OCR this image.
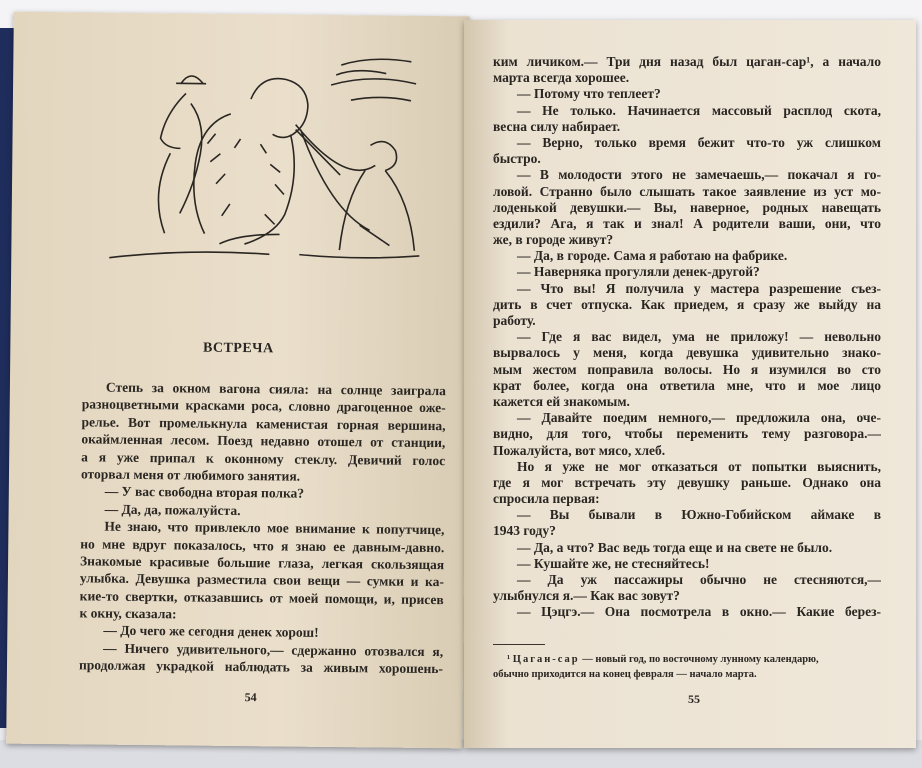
ВСТРЕЧА
Степь за окном вагона сияла: на солнце заиграла
разноцветными красками роса, словно драгоценное оже-
релье. Вот промелькнула каменистая горная вершина,
окаймленная лесом. Поезд недавно отошел от станции,
а я уже припал к оконному стеклу. Девичий голос
оторвал меня от любимого занятия.
— У вас свободна вторая полка?
— Да, да, пожалуйста.
Не знаю, что привлекло мое внимание к попутчице,
но мне вдруг показалось, что я знаю ее давным-давно.
Знакомые красивые большие глаза, легкая скользящая
улыбка. Девушка разместила свои вещи — сумки и ка-
кие-то свертки, отказавшись от моей помощи, и, присев
к окну, сказала:
— До чего же сегодня денек хорош!
— Ничего удивительного,— сдержанно отозвался я,
продолжая украдкой наблюдать за живым хорошень-
54
ким личиком.— Три дня назад был цаган-сар¹, а начало
марта всегда хорошее.
— Потому что теплеет?
— Не только. Начинается массовый расплод скота,
весна силу набирает.
— Верно, только время бежит что-то уж слишком
быстро.
— В молодости этого не замечаешь,— покачал я го-
ловой. Странно было слышать такое заявление из уст мо-
лоденькой девушки.— Вы, наверное, родных навещать
ездили? Ага, я так и знал! А родители ваши, они, что
же, в городе живут?
— Да, в городе. Сама я работаю на фабрике.
— Наверняка прогуляли денек-другой?
— Что вы! Я получила у мастера разрешение съез-
дить в счет отпуска. Как приедем, я сразу же выйду на
работу.
— Где я вас видел, ума не приложу! — невольно
вырвалось у меня, когда девушка удивительно знако-
мым жестом поправила волосы. Но я изумился во сто
крат более, когда она ответила мне, что и мое лицо
кажется ей знакомым.
— Давайте поедим немного,— предложила она, оче-
видно, для того, чтобы переменить тему разговора.—
Пожалуйста, вот мясо, хлеб.
Но я уже не мог отказаться от попытки выяснить,
где я мог встречать эту девушку раньше. Однако она
спросила первая:
— Вы бывали в Южно-Гобийском аймаке в
1943 году?
— Да, а что? Вас ведь тогда еще и на свете не было.
— Кушайте же, не стесняйтесь!
— Да уж пассажиры обычно не стесняются,—
улыбнулся я.— Как вас зовут?
— Цэцгэ.— Она посмотрела в окно.— Какие берез-
¹ Цаган-сар — новый год, по восточному лунному календарю,
обычно приходится на конец февраля — начало марта.
55
